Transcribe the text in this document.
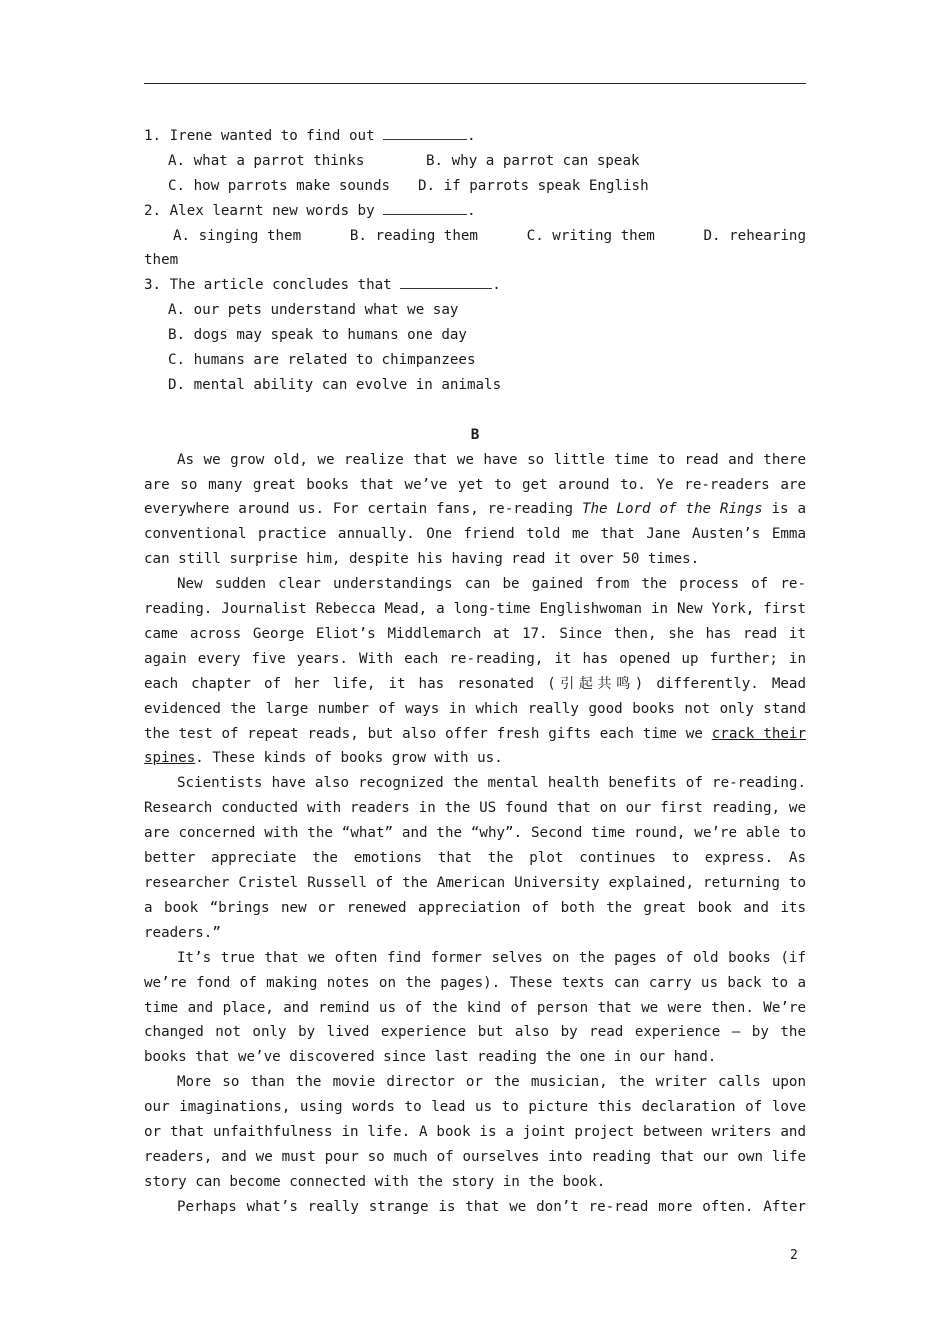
1. Irene wanted to find out	.
A. what a parrot thinks	B. why a parrot can speak
C. how parrots make sounds D. if parrots speak English
2. Alex learnt new words by	.
A. singing them	B. reading them	C. writing them	D. rehearing
them
3. The article concludes that	.
A. our pets understand what we say
B. dogs may speak to humans one day
C. humans are related to chimpanzees
D. mental ability can evolve in animals
B

As we grow old, we realize that we have so little time to read and there are so many great books that we’ve yet to get around to. Ye re-readers are everywhere around us. For certain fans, re-reading The Lord of the Rings is a conventional practice annually. One friend told me that Jane Austen’s Emma can still surprise him, despite his having read it over 50 times.

New sudden clear understandings can be gained from the process of re-reading. Journalist Rebecca Mead, a long-time Englishwoman in New York, first came across George Eliot’s Middlemarch at 17. Since then, she has read it again every five years. With each re-reading, it has opened up further; in each chapter of her life, it has resonated (引起共鸣) differently. Mead evidenced the large number of ways in which really good books not only stand the test of repeat reads, but also offer fresh gifts each time we crack their spines. These kinds of books grow with us.

Scientists have also recognized the mental health benefits of re-reading. Research conducted with readers in the US found that on our first reading, we are concerned with the “what” and the “why”. Second time round, we’re able to better appreciate the emotions that the plot continues to express. As researcher Cristel Russell of the American University explained, returning to a book “brings new or renewed appreciation of both the great book and its readers.”

It’s true that we often find former selves on the pages of old books (if we’re fond of making notes on the pages). These texts can carry us back to a time and place, and remind us of the kind of person that we were then. We’re changed not only by lived experience but also by read experience – by the books that we’ve discovered since last reading the one in our hand.

More so than the movie director or the musician, the writer calls upon our imaginations, using words to lead us to picture this declaration of love or that unfaithfulness in life. A book is a joint project between writers and readers, and we must pour so much of ourselves into reading that our own life story can become connected with the story in the book.

Perhaps what’s really strange is that we don’t re-read more often. After

2
